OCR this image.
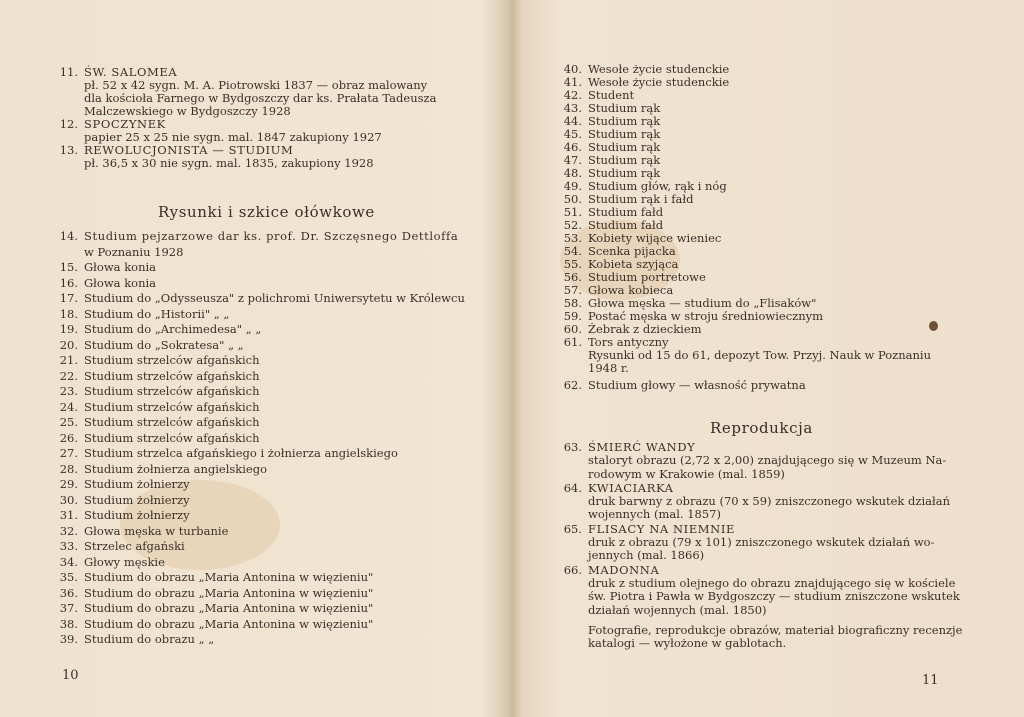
11. ŚW. SALOMEA
pł. 52 x 42 sygn. M. A. Piotrowski 1837 — obraz malowany
dla kościoła Farnego w Bydgoszczy dar ks. Prałata Tadeusza
Malczewskiego w Bydgoszczy 1928
12. SPOCZYNEK
papier 25 x 25 nie sygn. mal. 1847 zakupiony 1927
13. REWOLUCJONISTA — STUDIUM
pł. 36,5 x 30 nie sygn. mal. 1835, zakupiony 1928
Rysunki i szkice ołówkowe
14. Studium pejzarzowe dar ks. prof. Dr. Szczęsnego Dettloffa
w Poznaniu 1928
15. Głowa konia
16. Głowa konia
17. Studium do „Odysseusza" z polichromi Uniwersytetu w Królewcu
18. Studium do „Historii" „ „
19. Studium do „Archimedesa" „ „
20. Studium do „Sokratesa" „ „
21. Studium strzelców afgańskich
22. Studium strzelców afgańskich
23. Studium strzelców afgańskich
24. Studium strzelców afgańskich
25. Studium strzelców afgańskich
26. Studium strzelców afgańskich
27. Studium strzelca afgańskiego i żołnierza angielskiego
28. Studium żołnierza angielskiego
29. Studium żołnierzy
30. Studium żołnierzy
31. Studium żołnierzy
32. Głowa męska w turbanie
33. Strzelec afgański
34. Głowy męskie
35. Studium do obrazu „Maria Antonina w więzieniu"
36. Studium do obrazu „Maria Antonina w więzieniu"
37. Studium do obrazu „Maria Antonina w więzieniu"
38. Studium do obrazu „Maria Antonina w więzieniu"
39. Studium do obrazu „ „
10
40. Wesołe życie studenckie
41. Wesołe życie studenckie
42. Student
43. Studium rąk
44. Studium rąk
45. Studium rąk
46. Studium rąk
47. Studium rąk
48. Studium rąk
49. Studium głów, rąk i nóg
50. Studium rąk i fałd
51. Studium fałd
52. Studium fałd
53. Kobiety wijące wieniec
54. Scenka pijacka
55. Kobieta szyjąca
56. Studium portretowe
57. Głowa kobieca
58. Głowa męska — studium do „Flisaków"
59. Postać męska w stroju średniowiecznym
60. Żebrak z dzieckiem
61. Tors antyczny
Rysunki od 15 do 61, depozyt Tow. Przyj. Nauk w Poznaniu
1948 r.
62. Studium głowy — własność prywatna
Reprodukcja
63. ŚMIERĆ WANDY
staloryt obrazu (2,72 x 2,00) znajdującego się w Muzeum Na-
rodowym w Krakowie (mal. 1859)
64. KWIACIARKA
druk barwny z obrazu (70 x 59) zniszczonego wskutek działań
wojennych (mal. 1857)
65. FLISACY NA NIEMNIE
druk z obrazu (79 x 101) zniszczonego wskutek działań wo-
jennych (mal. 1866)
66. MADONNA
druk z studium olejnego do obrazu znajdującego się w kościele
św. Piotra i Pawła w Bydgoszczy — studium zniszczone wskutek
działań wojennych (mal. 1850)
Fotografie, reprodukcje obrazów, materiał biograficzny recenzje
katalogi — wyłożone w gablotach.
11
